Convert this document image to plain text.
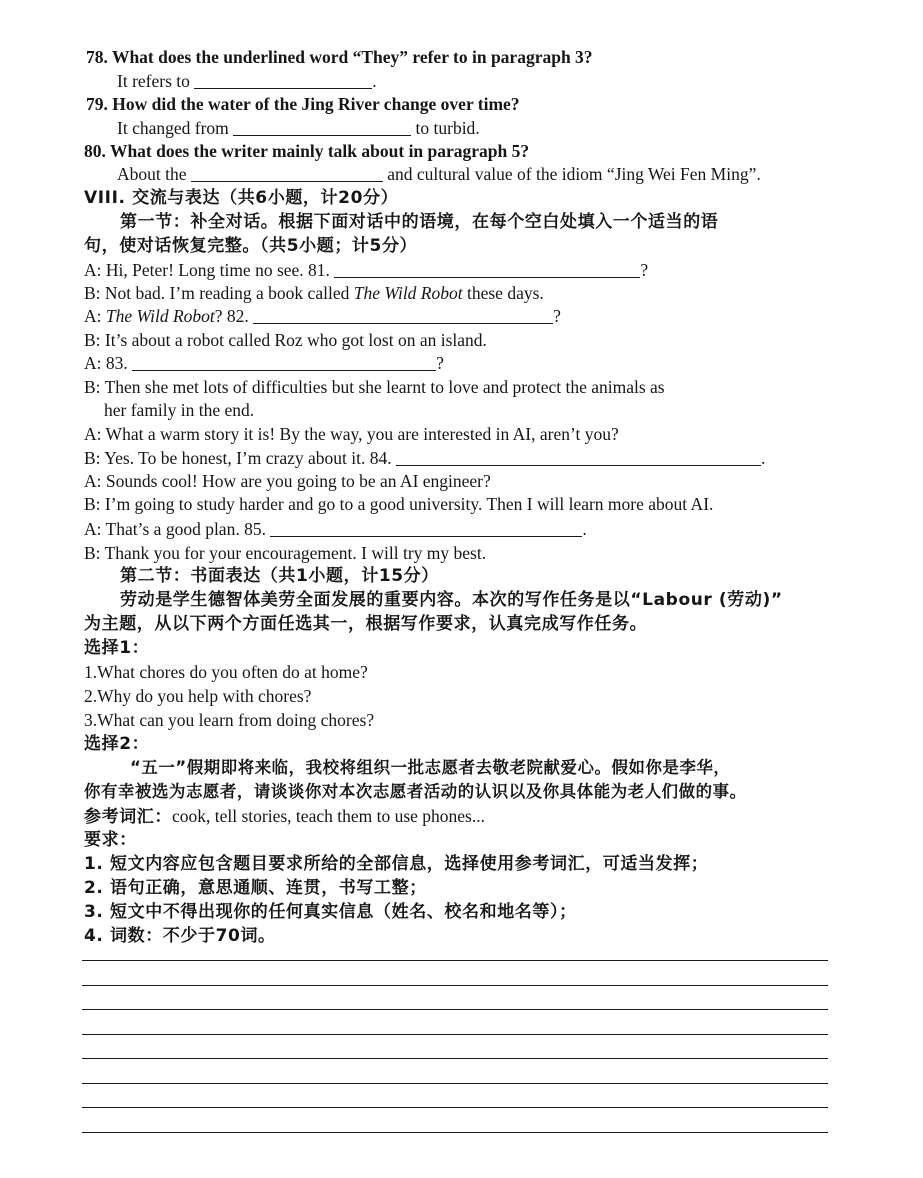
78. What does the underlined word “They” refer to in paragraph 3?
It refers to	.
79. How did the water of the Jing River change over time?
It changed from	to turbid.
80. What does the writer mainly talk about in paragraph 5?
About the	and cultural value of the idiom “Jing Wei Fen Ming”.
VIII. 交流与表达（共6小题，计20分）
第一节：补全对话。根据下面对话中的语境，在每个空白处填入一个适当的语
句，使对话恢复完整。（共5小题；计5分）
A: Hi, Peter! Long time no see. 81.	?
B: Not bad. I’m reading a book called The Wild Robot these days.
A: The Wild Robot? 82.	?
B: It’s about a robot called Roz who got lost on an island.
A: 83.	?
B: Then she met lots of difficulties but she learnt to love and protect the animals as
her family in the end.
A: What a warm story it is! By the way, you are interested in AI, aren’t you?
B: Yes. To be honest, I’m crazy about it. 84.	.
A: Sounds cool! How are you going to be an AI engineer?
B: I’m going to study harder and go to a good university. Then I will learn more about AI.
A: That’s a good plan. 85.	.
B: Thank you for your encouragement. I will try my best.
第二节：书面表达（共1小题，计15分）
劳动是学生德智体美劳全面发展的重要内容。本次的写作任务是以“Labour (劳动)”
为主题，从以下两个方面任选其一，根据写作要求，认真完成写作任务。
选择1：
1.What chores do you often do at home?
2.Why do you help with chores?
3.What can you learn from doing chores?
选择2：
“五一”假期即将来临，我校将组织一批志愿者去敬老院献爱心。假如你是李华，
你有幸被选为志愿者，请谈谈你对本次志愿者活动的认识以及你具体能为老人们做的事。
参考词汇：cook, tell stories, teach them to use phones...
要求：
1. 短文内容应包含题目要求所给的全部信息，选择使用参考词汇，可适当发挥；
2. 语句正确，意思通顺、连贯，书写工整；
3. 短文中不得出现你的任何真实信息（姓名、校名和地名等）；
4. 词数：不少于70词。
